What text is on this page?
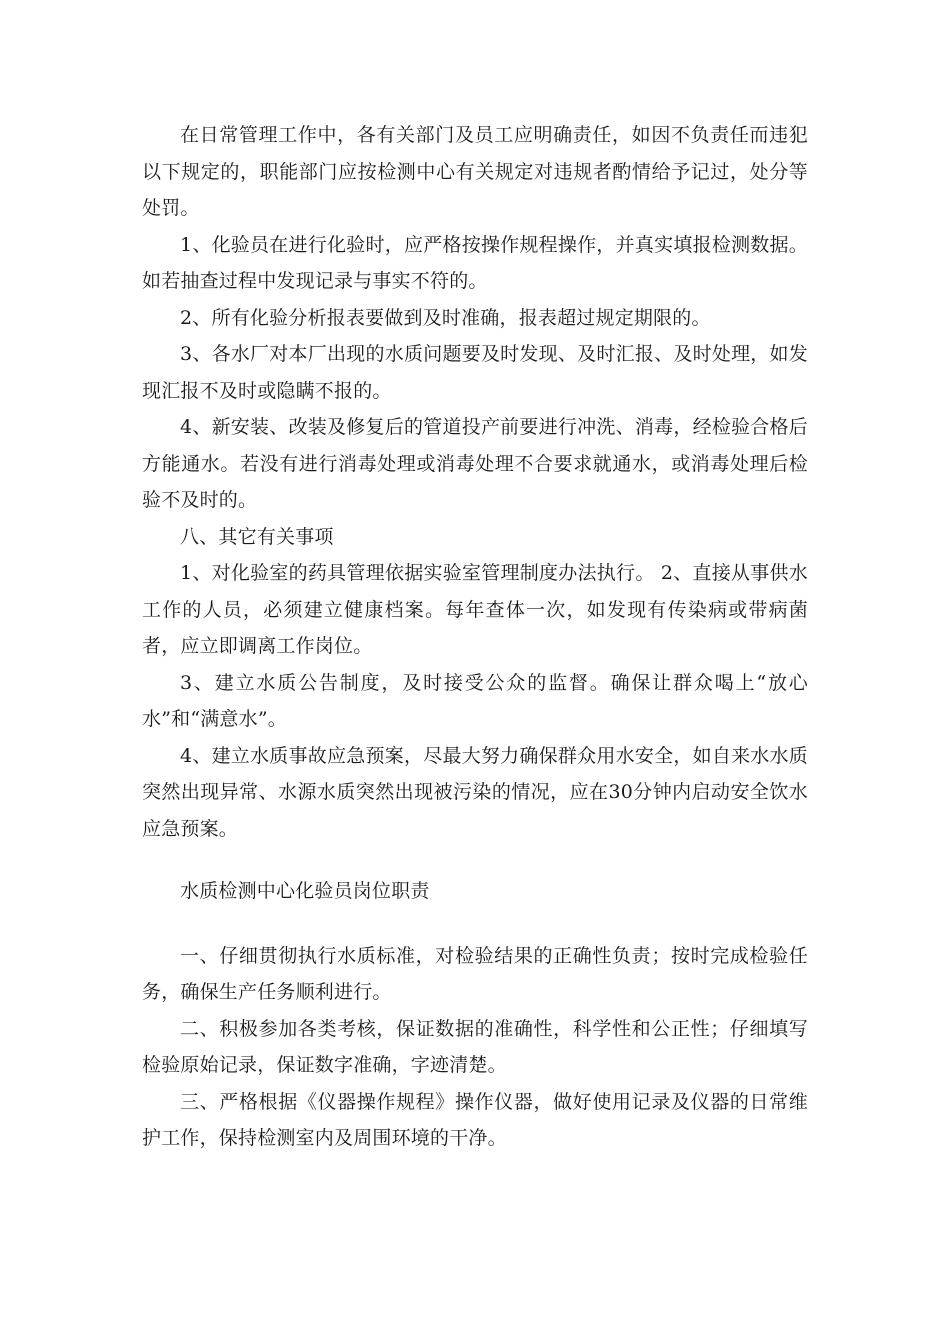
在日常管理工作中，各有关部门及员工应明确责任，如因不负责任而违犯以下规定的，职能部门应按检测中心有关规定对违规者酌情给予记过，处分等处罚。

1、化验员在进行化验时，应严格按操作规程操作，并真实填报检测数据。如若抽查过程中发现记录与事实不符的。

2、所有化验分析报表要做到及时准确，报表超过规定期限的。

3、各水厂对本厂出现的水质问题要及时发现、及时汇报、及时处理，如发现汇报不及时或隐瞒不报的。

4、新安装、改装及修复后的管道投产前要进行冲洗、消毒，经检验合格后方能通水。若没有进行消毒处理或消毒处理不合要求就通水，或消毒处理后检验不及时的。

八、其它有关事项

1、对化验室的药具管理依据实验室管理制度办法执行。 2、直接从事供水工作的人员，必须建立健康档案。每年查体一次，如发现有传染病或带病菌者，应立即调离工作岗位。

3、建立水质公告制度，及时接受公众的监督。确保让群众喝上“放心水”和“满意水”。

4、建立水质事故应急预案，尽最大努力确保群众用水安全，如自来水水质突然出现异常、水源水质突然出现被污染的情况，应在30分钟内启动安全饮水应急预案。

水质检测中心化验员岗位职责

一、仔细贯彻执行水质标准，对检验结果的正确性负责；按时完成检验任务，确保生产任务顺利进行。

二、积极参加各类考核，保证数据的准确性，科学性和公正性；仔细填写检验原始记录，保证数字准确，字迹清楚。

三、严格根据《仪器操作规程》操作仪器，做好使用记录及仪器的日常维护工作，保持检测室内及周围环境的干净。
